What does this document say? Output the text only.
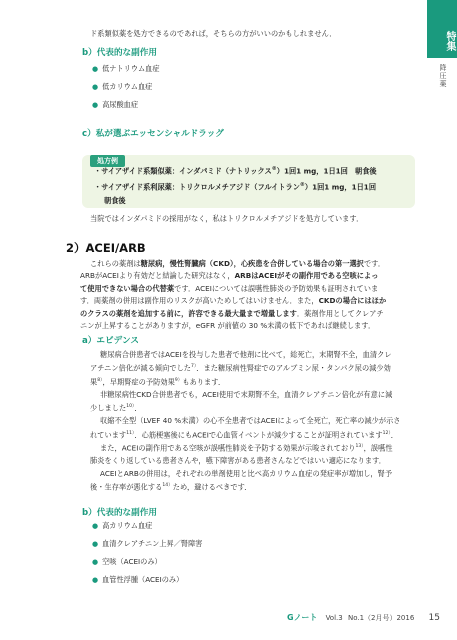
特集
降圧薬

ド系類似薬を処方できるのであれば，そちらの方がいいのかもしれません．

b）代表的な副作用
● 低ナトリウム血症
● 低カリウム血症
● 高尿酸血症
c）私が選ぶエッセンシャルドラッグ
処方例
・サイアザイド系類似薬：インダパミド（ナトリックス®）1回1 mg，1日1回　朝食後
・サイアザイド系利尿薬：トリクロルメチアジド（フルイトラン®）1回1 mg，1日1回
朝食後

当院ではインダパミドの採用がなく，私はトリクロルメチアジドを処方しています．

2）ACEI/ARB

これらの薬剤は糖尿病，慢性腎臓病（CKD），心疾患を合併している場合の第一選択です．

ARBがACEIより有効だと結論した研究はなく，ARBはACEIがその副作用である空咳によっ

て使用できない場合の代替薬です．ACEIについては誤嚥性肺炎の予防効果も証明されていま

す．両薬剤の併用は副作用のリスクが高いためしてはいけません．また，CKDの場合にはほか

のクラスの薬剤を追加する前に，許容できる最大量まで増量します．薬剤作用としてクレアチ

ニンが上昇することがありますが，eGFR が前値の 30 %未満の低下であれば継続します．

a）エビデンス

糖尿病合併患者ではACEIを投与した患者で他剤に比べて，総死亡，末期腎不全，血清クレ

アチニン倍化が減る傾向でした$^{7)}$．また糖尿病性腎症でのアルブミン尿・タンパク尿の減少効

果$^{8)}$，早期腎症の予防効果$^{9)}$もあります．

非糖尿病性CKD合併患者でも，ACEI使用で末期腎不全，血清クレアチニン倍化が有意に減

少しました$^{10)}$．

収縮不全型（LVEF 40 %未満）の心不全患者ではACEIによって全死亡，死亡率の減少が示さ

れています$^{11)}$．心筋梗塞後にもACEIで心血管イベントが減少することが証明されています$^{12)}$．

また，ACEIの副作用である空咳が誤嚥性肺炎を予防する効果が示唆されており$^{13)}$，誤嚥性

肺炎をくり返している患者さんや，嚥下障害がある患者さんなどではいい適応になります．

ACEIとARBの併用は，それぞれの単剤使用と比べ高カリウム血症の発症率が増加し，腎予

後・生存率が悪化する$^{14)}$ため，避けるべきです．

b）代表的な副作用
● 高カリウム血症
● 血清クレアチニン上昇／腎障害
● 空咳（ACEIのみ）
● 血管性浮腫（ACEIのみ）
Gノート Vol.3 No.1（2月号）2016 15
